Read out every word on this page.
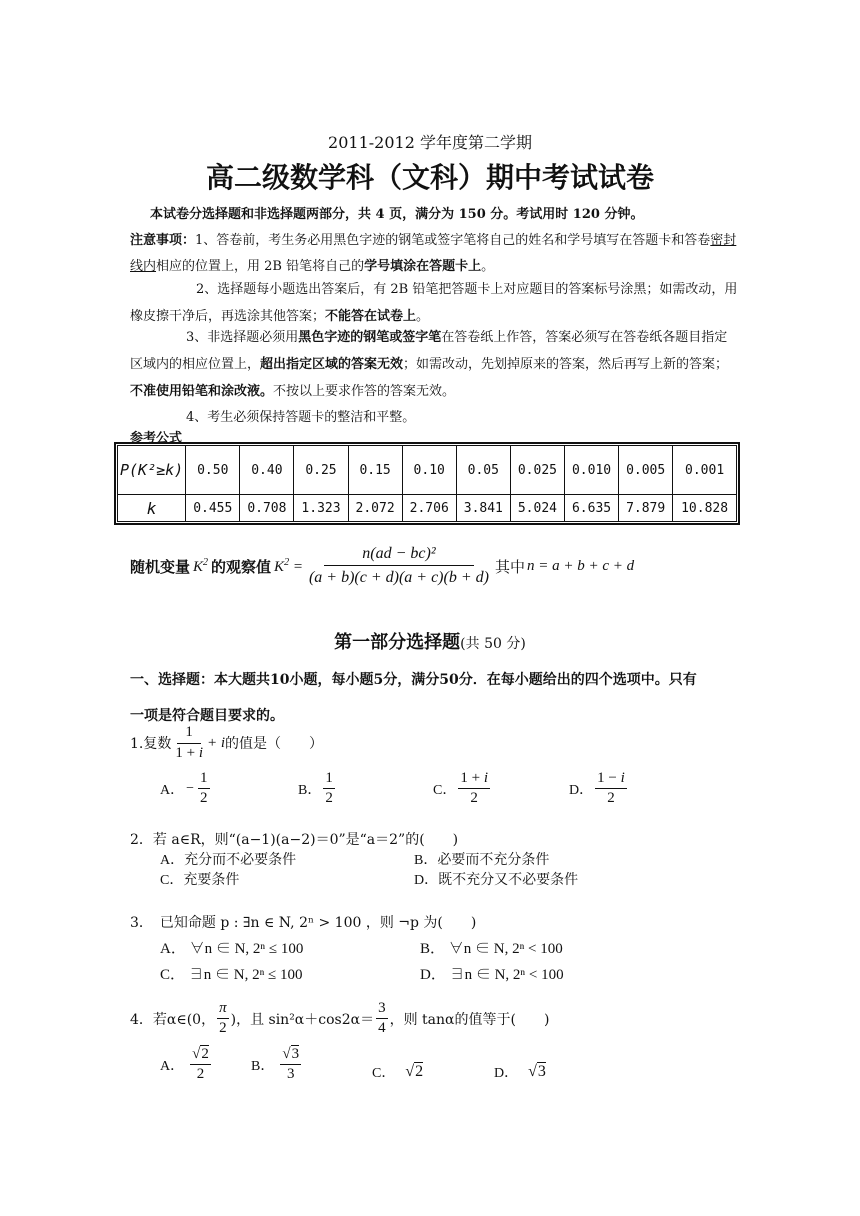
2011-2012 学年度第二学期
高二级数学科（文科）期中考试试卷
本试卷分选择题和非选择题两部分，共 4 页，满分为 150 分。考试用时 120 分钟。
注意事项：1、答卷前，考生务必用黑色字迹的钢笔或签字笔将自己的姓名和学号填写在答题卡和答卷密封
线内相应的位置上，用 2B 铅笔将自己的学号填涂在答题卡上。
2、选择题每小题选出答案后，有 2B 铅笔把答题卡上对应题目的答案标号涂黑；如需改动，用
橡皮擦干净后，再选涂其他答案；不能答在试卷上。
3、非选择题必须用黑色字迹的钢笔或签字笔在答卷纸上作答，答案必须写在答卷纸各题目指定
区域内的相应位置上，超出指定区域的答案无效；如需改动，先划掉原来的答案，然后再写上新的答案；
不准使用铅笔和涂改液。不按以上要求作答的答案无效。
4、考生必须保持答题卡的整洁和平整。
参考公式
P(K²≥k)	0.50	0.40	0.25	0.15	0.10	0.05	0.025	0.010	0.005	0.001
k	0.455	0.708	1.323	2.072	2.706	3.841	5.024	6.635	7.879	10.828
随机变量 $K^2$ 的观察值 $K^2 = \frac{\text{n(ad − bc)²}}{(a + b)(c + d)(a + c)(b + d)}$ 其中 n = a + b + c + d
第一部分选择题(共 50 分)
一、选择题：本大题共10小题，每小题5分，满分50分．在每小题给出的四个选项中。只有
一项是符合题目要求的。
1.复数 $\frac{1}{1 + i} + i$ 的值是（　　）
A． − $\frac{1}{2}$	B． $\frac{1}{2}$	C． $\frac{1 + i}{2}$	D． $\frac{1 - i}{2}$
2．若 a∈R，则“(a−1)(a−2)＝0”是“a＝2”的(　　)
A．充分而不必要条件	B．必要而不充分条件
C．充要条件	D．既不充分又不必要条件
3．　已知命题 p : ∃n ∈ N, 2ⁿ > 100 ，则 ¬p 为(　　)
A． ∀n ∈ N, 2ⁿ ≤ 100	B． ∀n ∈ N, 2ⁿ < 100
C． ∃n ∈ N, 2ⁿ ≤ 100	D． ∃n ∈ N, 2ⁿ < 100
4．若α∈(0， $\frac{\pi}{2}$ )，且 $\sin^2\alpha+\cos 2\alpha= \frac{3}{4}$ ，则 tanα的值等于(　　)
A． $\frac{√2}{2}$	B． $\frac{√3}{3}$	C． √2	D． √3
